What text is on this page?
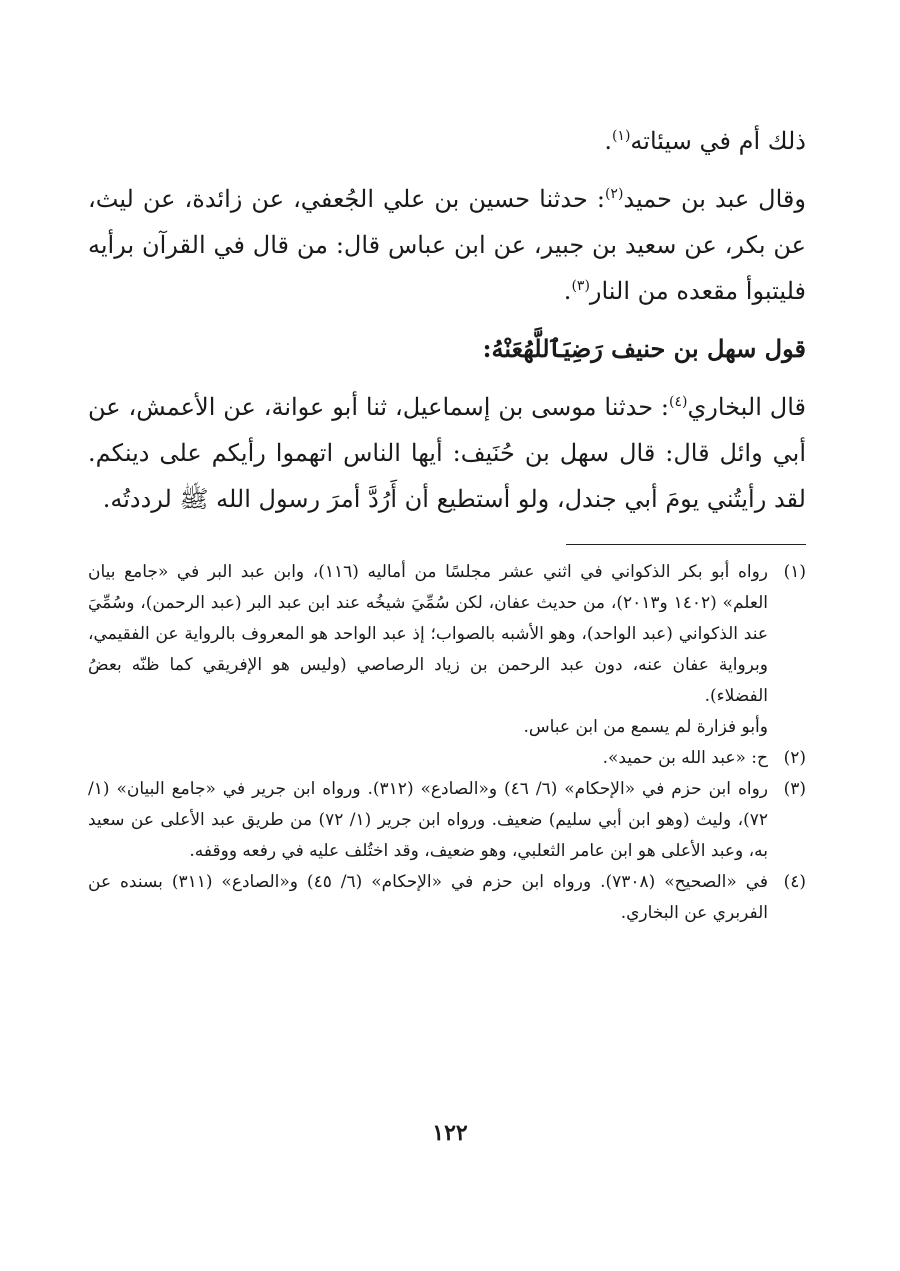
ذلك أم في سيئاته$^{(١)}$.

وقال عبد بن حميد$^{(٢)}$: حدثنا حسين بن علي الجُعفي، عن زائدة، عن ليث، عن بكر، عن سعيد بن جبير، عن ابن عباس قال: من قال في القرآن برأيه فليتبوأ مقعده من النار$^{(٣)}$.

قول سهل بن حنيف رَضِيَٱللَّهُعَنْهُ:

قال البخاري$^{(٤)}$: حدثنا موسى بن إسماعيل، ثنا أبو عوانة، عن الأعمش، عن أبي وائل قال: قال سهل بن حُنَيف: أيها الناس اتهموا رأيكم على دينكم. لقد رأيتُني يومَ أبي جندل، ولو أستطيع أن أَرُدَّ أمرَ رسول الله ﷺ لرددتُه.

(١)
رواه أبو بكر الذكواني في اثني عشر مجلسًا من أماليه (١١٦)، وابن عبد البر في «جامع بيان العلم» (١٤٠٢ و٢٠١٣)، من حديث عفان، لكن سُمِّيَ شيخُه عند ابن عبد البر (عبد الرحمن)، وسُمِّيَ عند الذكواني (عبد الواحد)، وهو الأشبه بالصواب؛ إذ عبد الواحد هو المعروف بالرواية عن الفقيمي، وبرواية عفان عنه، دون عبد الرحمن بن زياد الرصاصي (وليس هو الإفريقي كما ظنّه بعضُ الفضلاء).
وأبو فزارة لم يسمع من ابن عباس.
(٢)
ح: «عبد الله بن حميد».
(٣)
رواه ابن حزم في «الإحكام» (٦/ ٤٦) و«الصادع» (٣١٢). ورواه ابن جرير في «جامع البيان» (١/ ٧٢)، وليث (وهو ابن أبي سليم) ضعيف. ورواه ابن جرير (١/ ٧٢) من طريق عبد الأعلى عن سعيد به، وعبد الأعلى هو ابن عامر الثعلبي، وهو ضعيف، وقد اختُلف عليه في رفعه ووقفه.
(٤)
في «الصحيح» (٧٣٠٨). ورواه ابن حزم في «الإحكام» (٦/ ٤٥) و«الصادع» (٣١١) بسنده عن الفربري عن البخاري.
١٢٢
